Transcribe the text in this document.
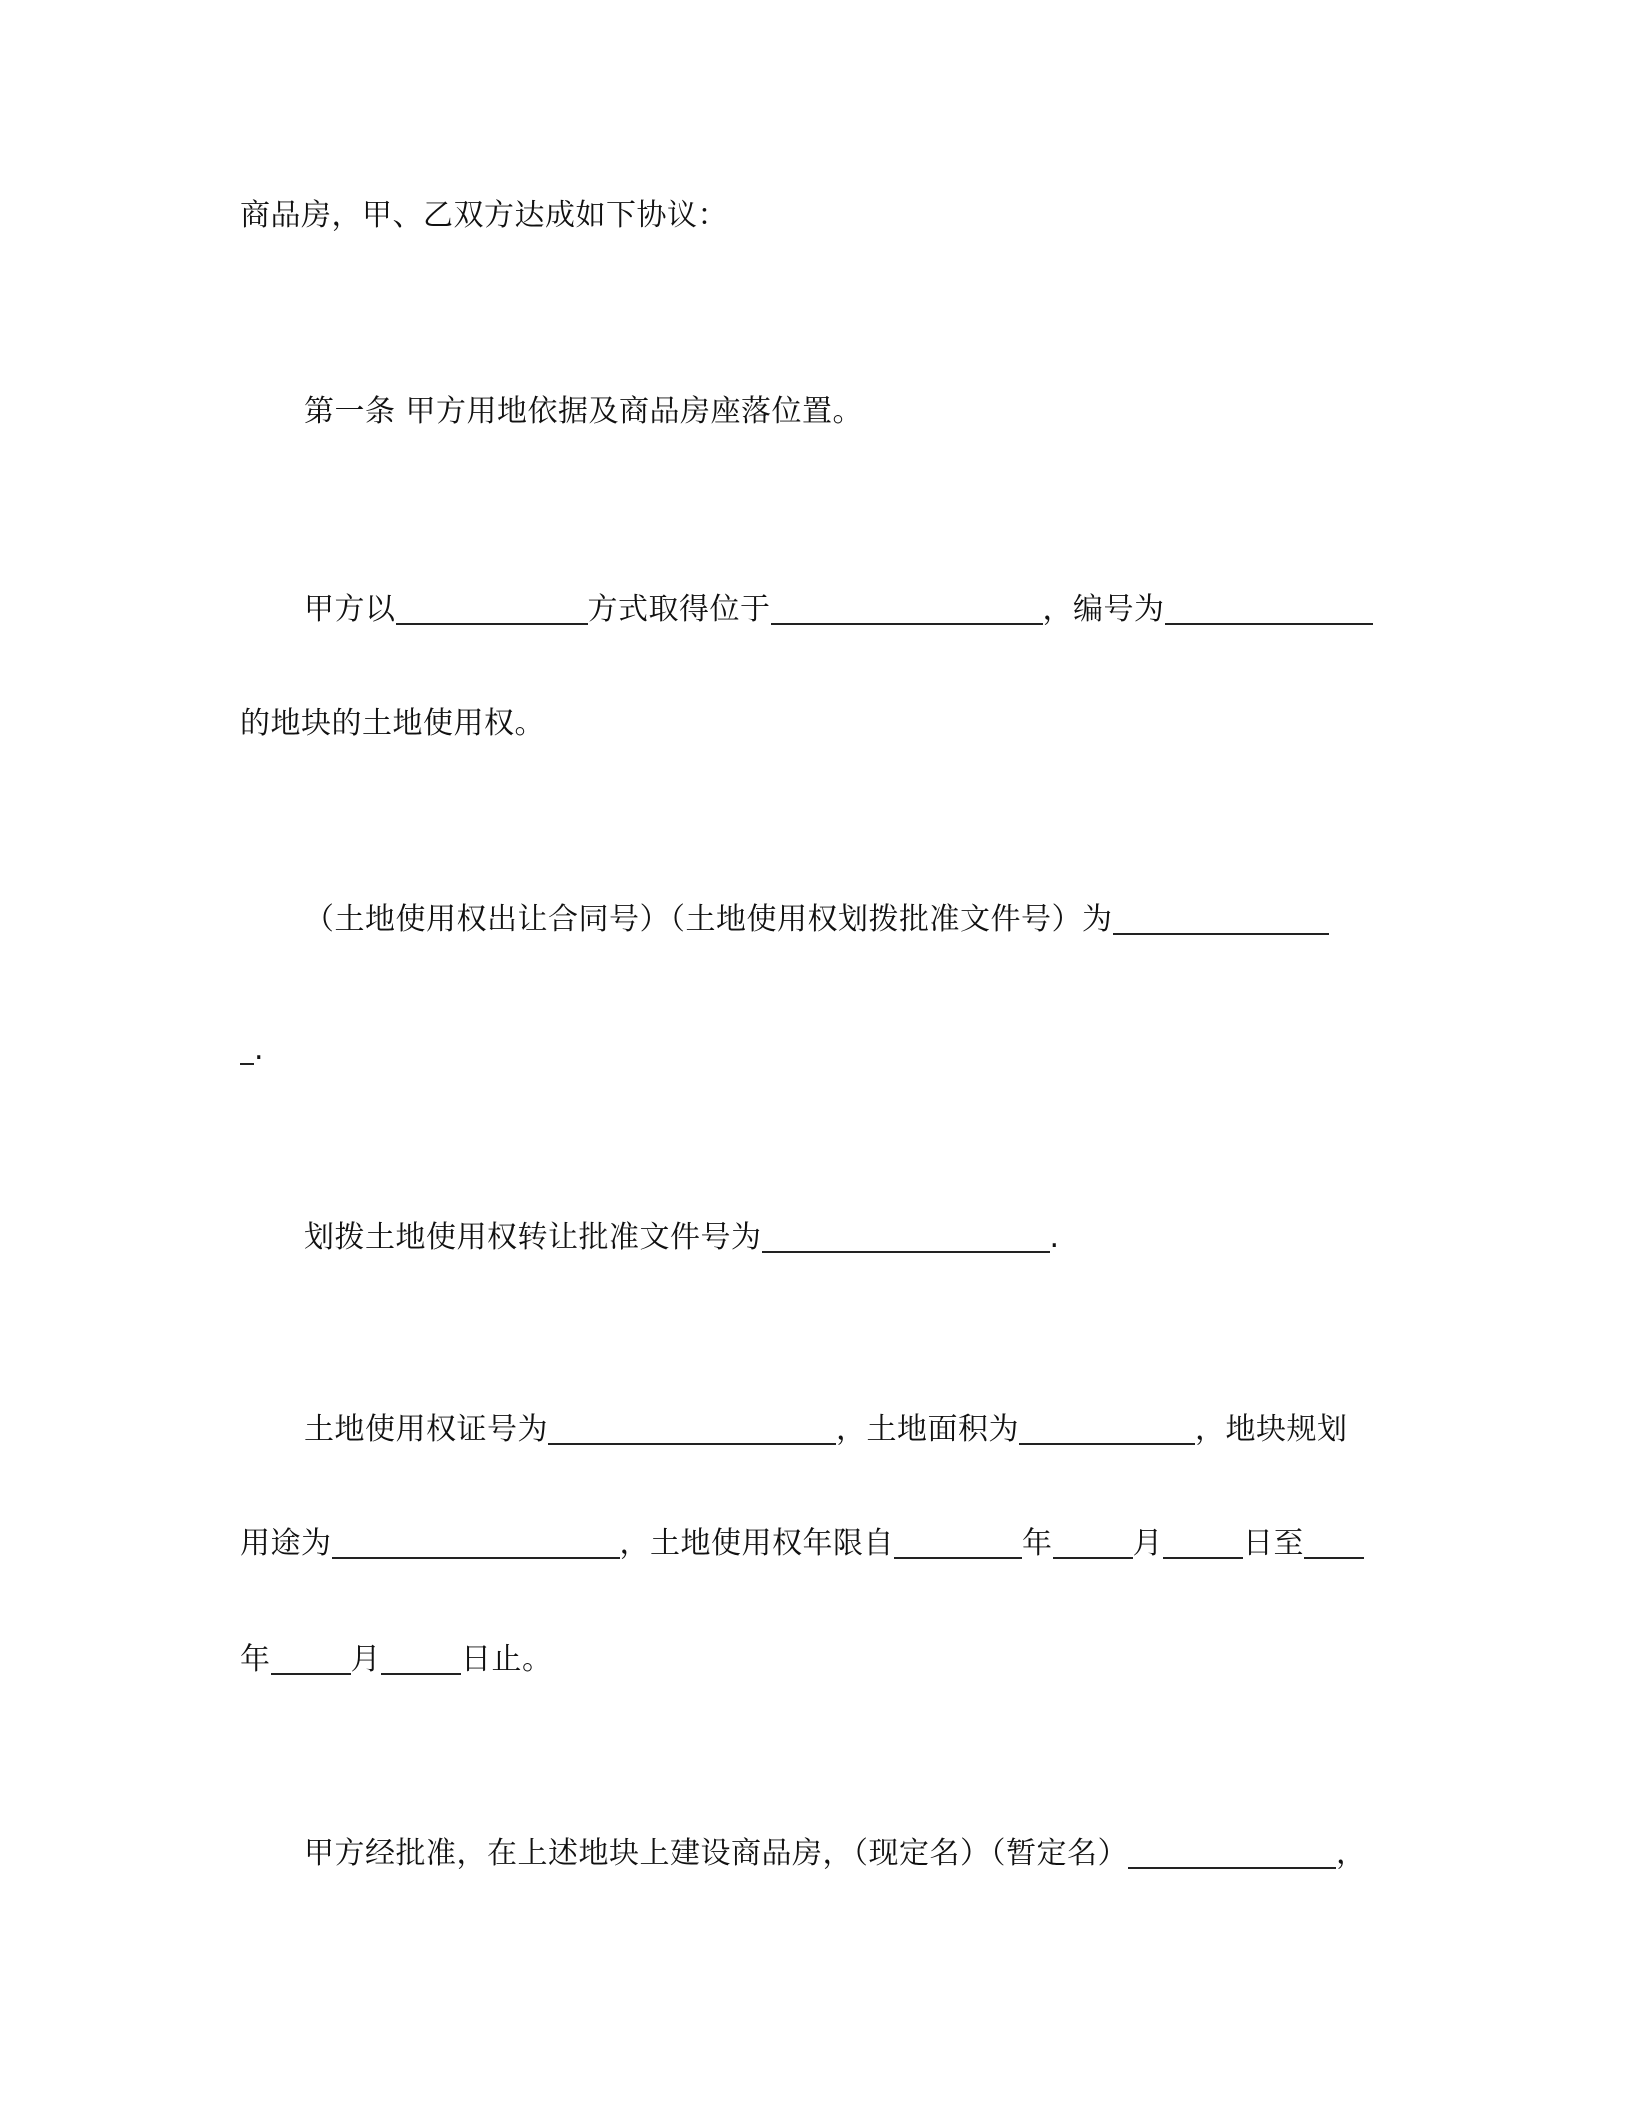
商品房，甲、乙双方达成如下协议：
第一条 甲方用地依据及商品房座落位置。
甲方以	方式取得位于	，编号为
的地块的土地使用权。
（土地使用权出让合同号）（土地使用权划拨批准文件号）为
.
划拨土地使用权转让批准文件号为	.
土地使用权证号为	，土地面积为	，地块规划
用途为	，土地使用权年限自	年	月	日至
年	月	日止。
甲方经批准，在上述地块上建设商品房，（现定名）（暂定名）	，
